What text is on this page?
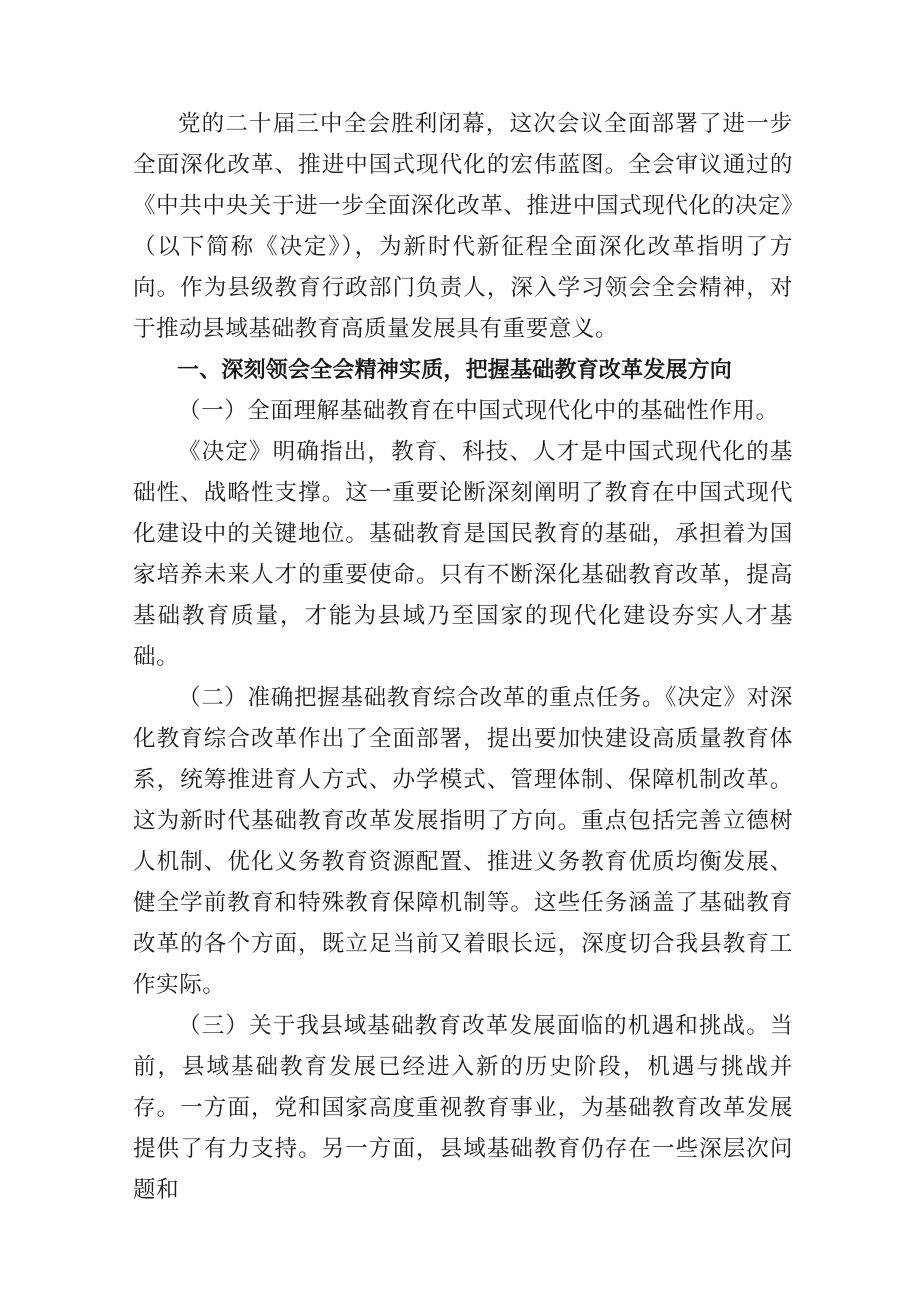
党的二十届三中全会胜利闭幕，这次会议全面部署了进一步全面深化改革、推进中国式现代化的宏伟蓝图。全会审议通过的《中共中央关于进一步全面深化改革、推进中国式现代化的决定》（以下简称《决定》），为新时代新征程全面深化改革指明了方向。作为县级教育行政部门负责人，深入学习领会全会精神，对于推动县域基础教育高质量发展具有重要意义。

一、深刻领会全会精神实质，把握基础教育改革发展方向

（一）全面理解基础教育在中国式现代化中的基础性作用。

《决定》明确指出，教育、科技、人才是中国式现代化的基础性、战略性支撑。这一重要论断深刻阐明了教育在中国式现代化建设中的关键地位。基础教育是国民教育的基础，承担着为国家培养未来人才的重要使命。只有不断深化基础教育改革，提高基础教育质量，才能为县域乃至国家的现代化建设夯实人才基础。

（二）准确把握基础教育综合改革的重点任务。《决定》对深化教育综合改革作出了全面部署，提出要加快建设高质量教育体系，统筹推进育人方式、办学模式、管理体制、保障机制改革。这为新时代基础教育改革发展指明了方向。重点包括完善立德树人机制、优化义务教育资源配置、推进义务教育优质均衡发展、健全学前教育和特殊教育保障机制等。这些任务涵盖了基础教育改革的各个方面，既立足当前又着眼长远，深度切合我县教育工作实际。

（三）关于我县域基础教育改革发展面临的机遇和挑战。当前，县域基础教育发展已经进入新的历史阶段，机遇与挑战并存。一方面，党和国家高度重视教育事业，为基础教育改革发展提供了有力支持。另一方面，县域基础教育仍存在一些深层次问题和
